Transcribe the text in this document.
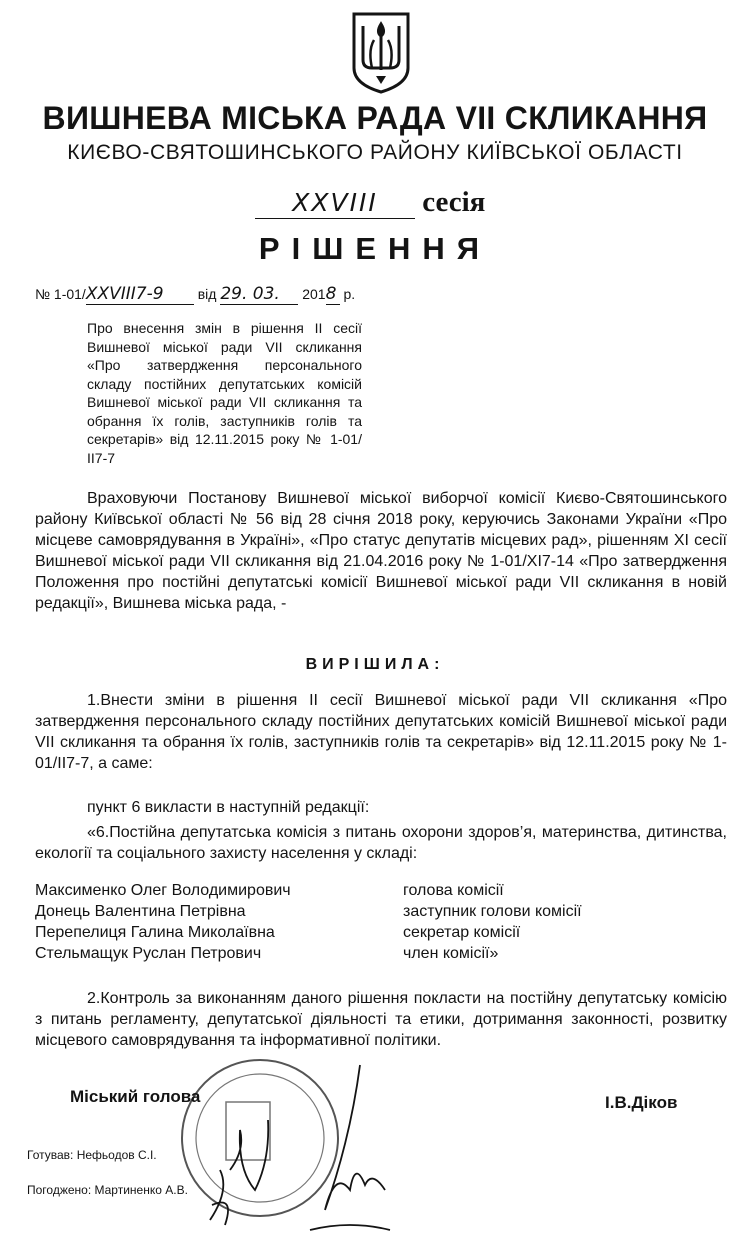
ВИШНЕВА МІСЬКА РАДА VII СКЛИКАННЯ
КИЄВО-СВЯТОШИНСЬКОГО РАЙОНУ КИЇВСЬКОЇ ОБЛАСТІ
XXVIII сесія
РІШЕННЯ
№ 1-01/XXVIII7-9 від 29. 03. 2018 р.
Про внесення змін в рішення ІІ сесії Вишневої міської ради VІІ скликання «Про затвердження персонального складу постійних депутатських комісій Вишневої міської ради VІІ скликання та обрання їх голів, заступників голів та секретарів» від 12.11.2015 року № 1-01/ІІ7-7
Враховуючи Постанову Вишневої міської виборчої комісії Києво-Святошинського району Київської області № 56 від 28 січня 2018 року, керуючись Законами України «Про місцеве самоврядування в Україні», «Про статус депутатів місцевих рад», рішенням ХІ сесії Вишневої міської ради VII скликання від 21.04.2016 року № 1-01/ХІ7-14 «Про затвердження Положення про постійні депутатські комісії Вишневої міської ради VII скликання в новій редакції», Вишнева міська рада, -
ВИРІШИЛА:
1.Внести зміни в рішення ІІ сесії Вишневої міської ради VІІ скликання «Про затвердження персонального складу постійних депутатських комісій Вишневої міської ради VІІ скликання та обрання їх голів, заступників голів та секретарів» від 12.11.2015 року № 1-01/ІІ7-7, а саме:
пункт 6 викласти в наступній редакції:
«6.Постійна депутатська комісія з питань охорони здоров’я, материнства, дитинства, екології та соціального захисту населення у складі:
Максименко Олег Володимирович	голова комісії
Донець Валентина Петрівна	заступник голови комісії
Перепелиця Галина Миколаївна	секретар комісії
Стельмащук Руслан Петрович	член комісії»
2.Контроль за виконанням даного рішення покласти на постійну депутатську комісію з питань регламенту, депутатської діяльності та етики, дотримання законності, розвитку місцевого самоврядування та інформативної політики.
Міський голова	І.В.Діков
Готував: Нефьодов С.І.
Погоджено: Мартиненко А.В.
